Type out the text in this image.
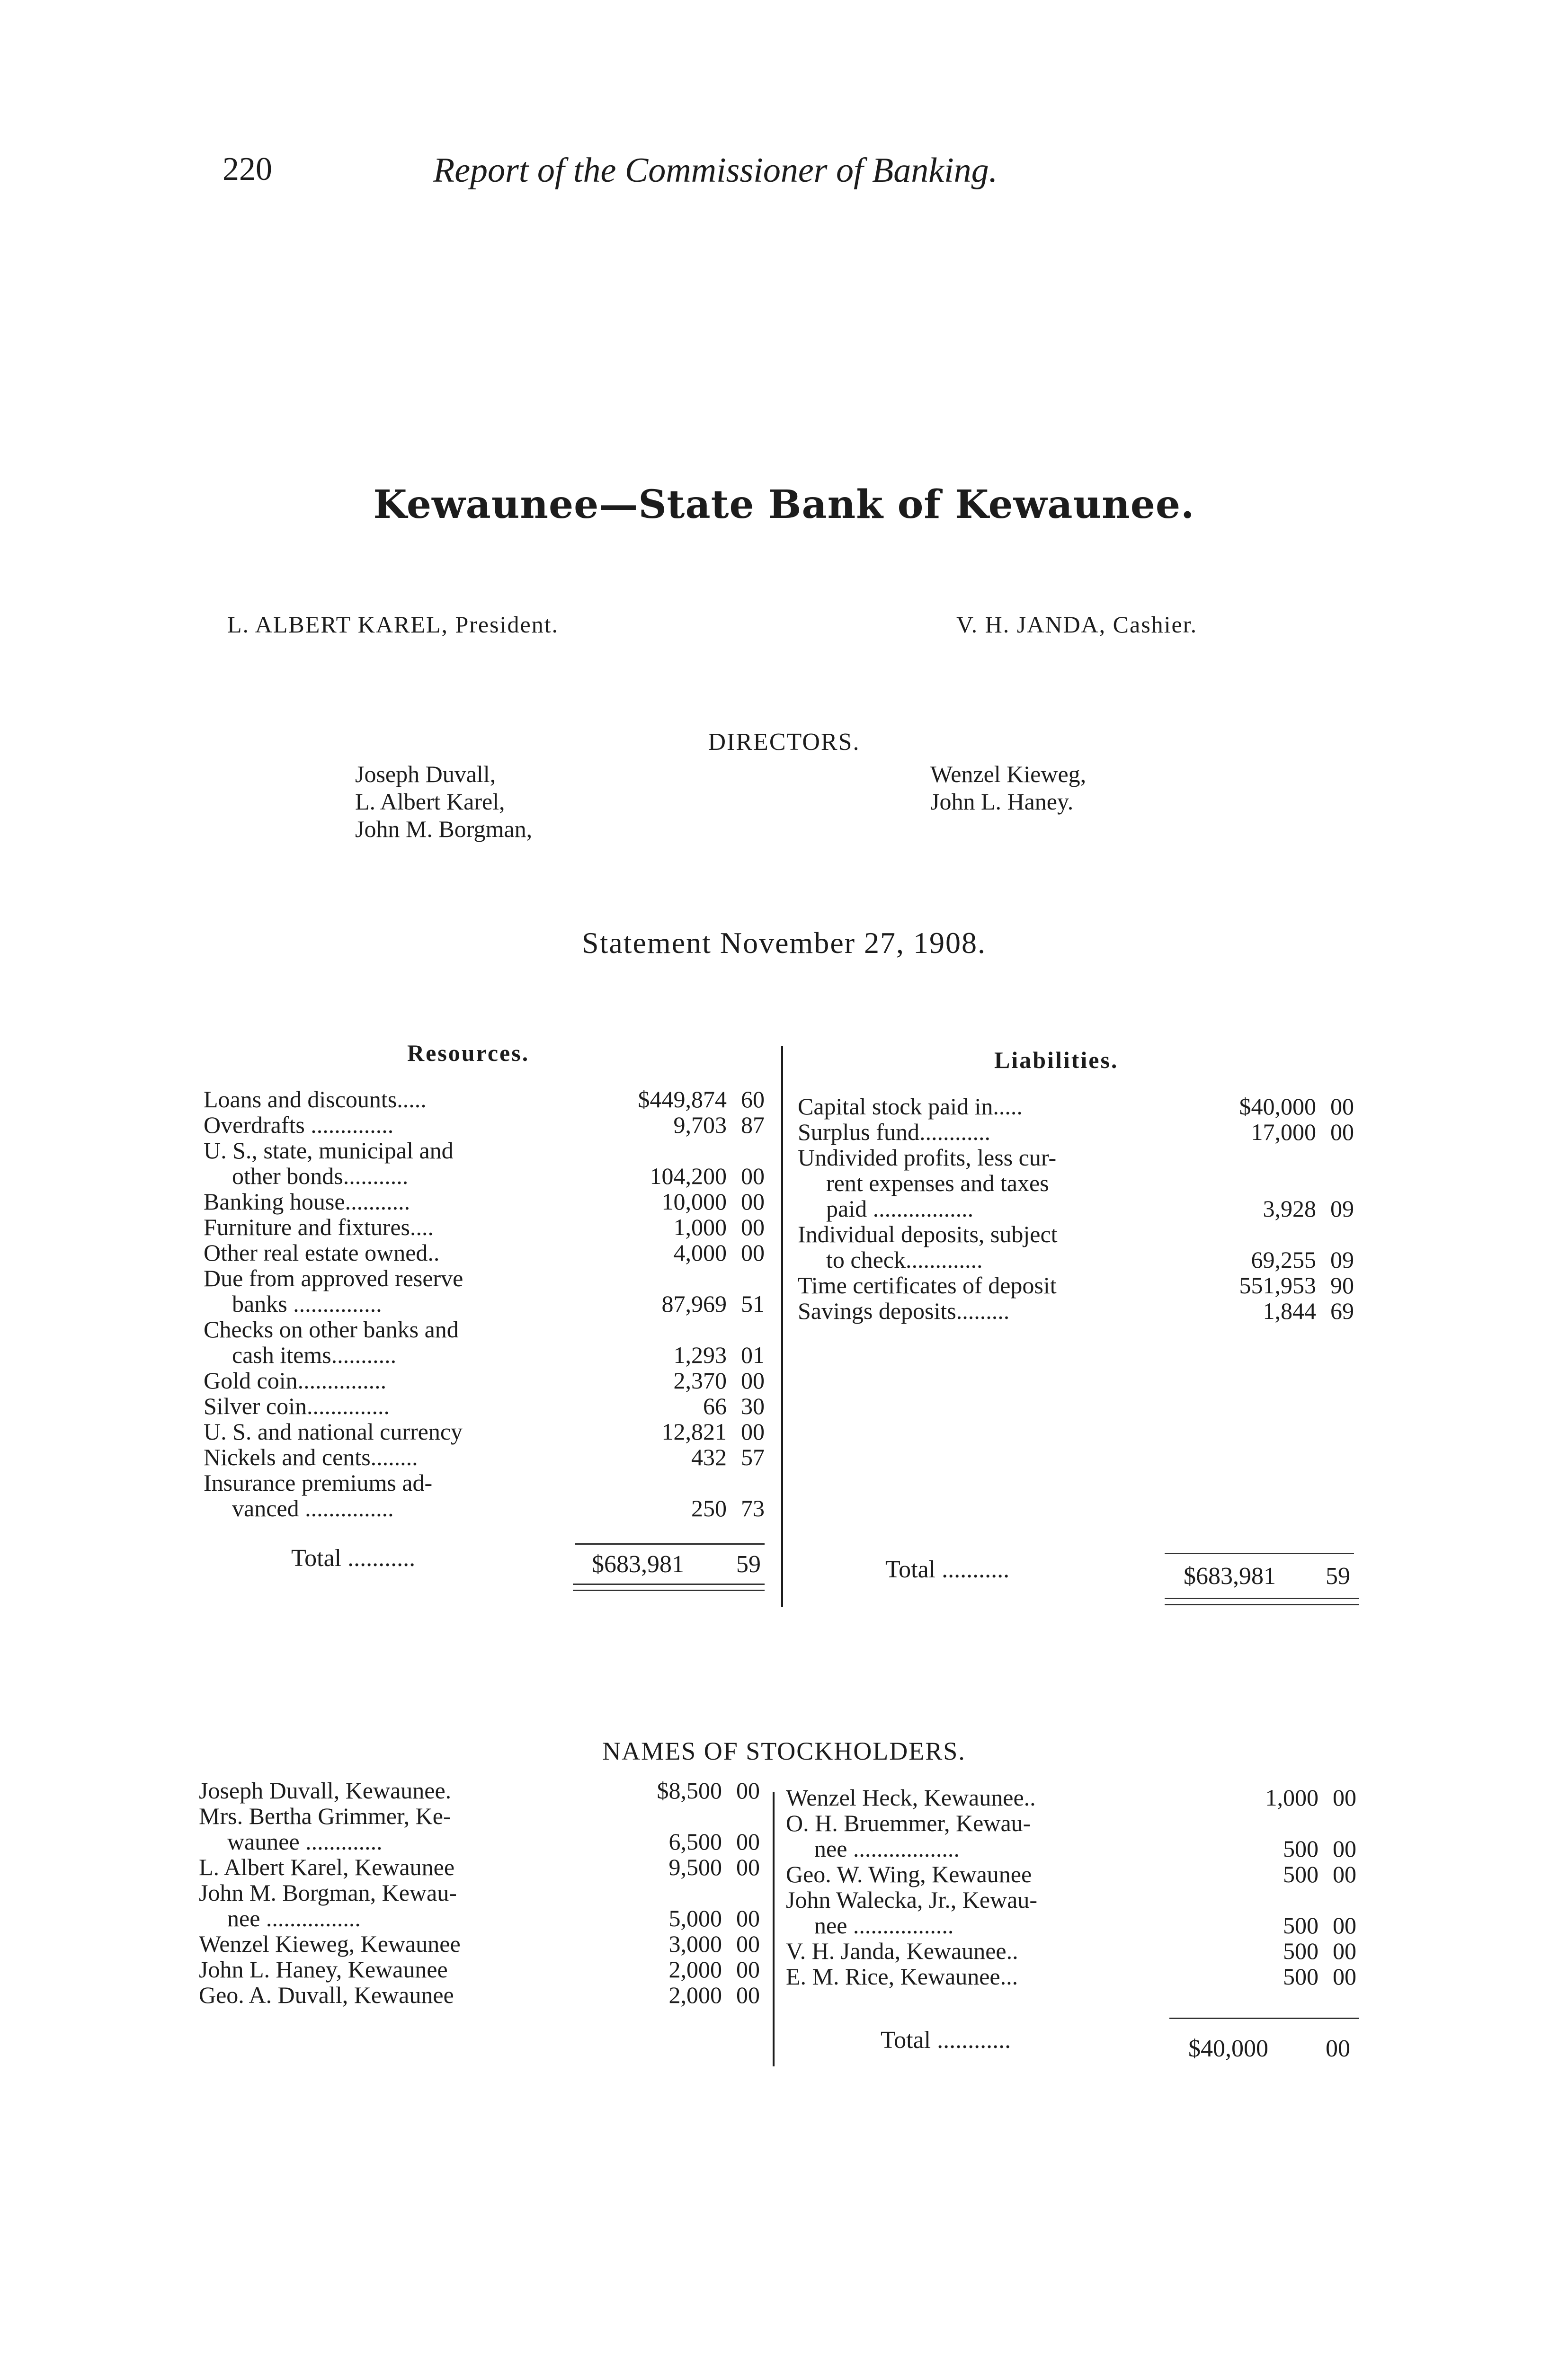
220	Report of the Commissioner of Banking.
Kewaunee—State Bank of Kewaunee.
L. ALBERT KAREL, President.	V. H. JANDA, Cashier.
DIRECTORS.
Joseph Duvall,
L. Albert Karel,
John M. Borgman,
Wenzel Kieweg,
John L. Haney.
Statement November 27, 1908.
Resources.	Liabilities.
Loans and discounts.....	$449,874	60
Overdrafts ..............	9,703	87
U. S., state, municipal and		
other bonds...........	104,200	00
Banking house...........	10,000	00
Furniture and fixtures....	1,000	00
Other real estate owned..	4,000	00
Due from approved reserve		
banks ...............	87,969	51
Checks on other banks and		
cash items...........	1,293	01
Gold coin...............	2,370	00
Silver coin..............	66	30
U. S. and national currency	12,821	00
Nickels and cents........	432	57
Insurance premiums ad-		
vanced ...............	250	73
Total ...........	$683,981 59
Capital stock paid in.....	$40,000	00
Surplus fund............	17,000	00
Undivided profits, less cur-		
rent expenses and taxes		
paid .................	3,928	09
Individual deposits, subject		
to check.............	69,255	09
Time certificates of deposit	551,953	90
Savings deposits.........	1,844	69
Total ...........	$683,981 59
NAMES OF STOCKHOLDERS.
Joseph Duvall, Kewaunee.	$8,500	00
Mrs. Bertha Grimmer, Ke-		
waunee .............	6,500	00
L. Albert Karel, Kewaunee	9,500	00
John M. Borgman, Kewau-		
nee ................	5,000	00
Wenzel Kieweg, Kewaunee	3,000	00
John L. Haney, Kewaunee	2,000	00
Geo. A. Duvall, Kewaunee	2,000	00
Wenzel Heck, Kewaunee..	1,000	00
O. H. Bruemmer, Kewau-		
nee ..................	500	00
Geo. W. Wing, Kewaunee	500	00
John Walecka, Jr., Kewau-		
nee .................	500	00
V. H. Janda, Kewaunee..	500	00
E. M. Rice, Kewaunee...	500	00
Total ............	$40,000 00
